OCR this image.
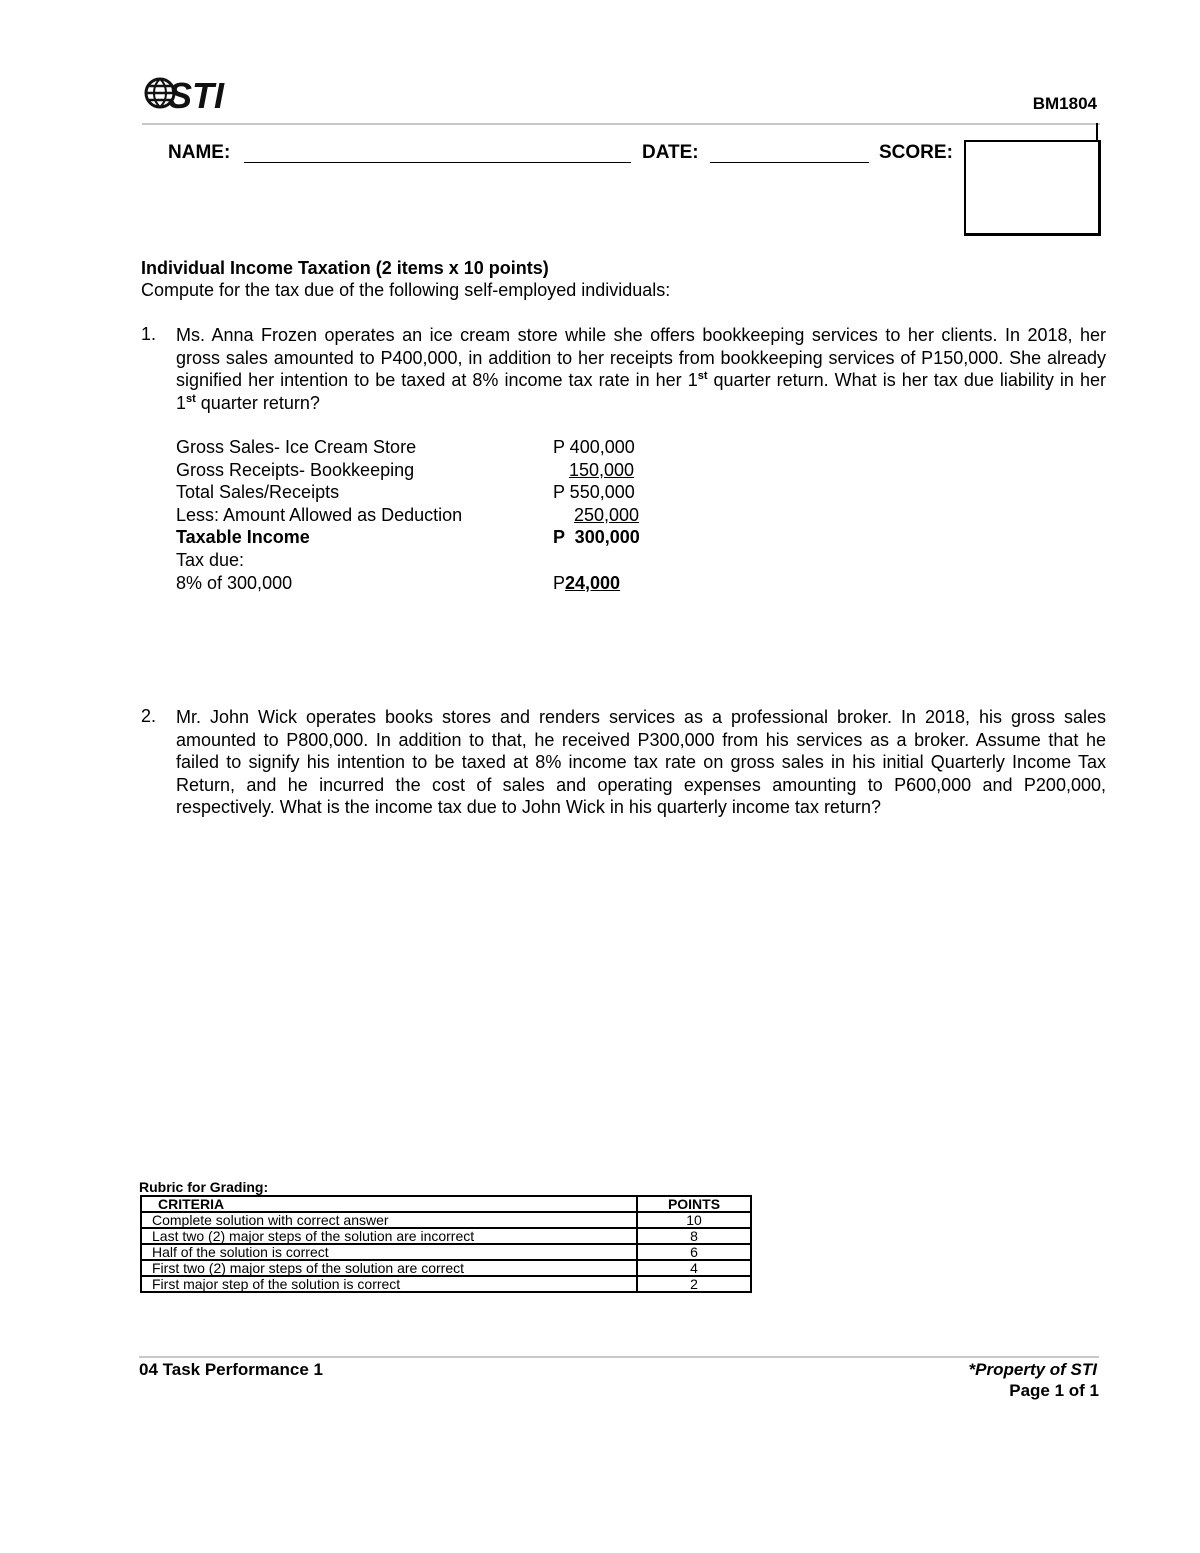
STI	BM1804
NAME:	DATE:	SCORE:
Individual Income Taxation (2 items x 10 points)
Compute for the tax due of the following self-employed individuals:
1. Ms. Anna Frozen operates an ice cream store while she offers bookkeeping services to her clients. In 2018, her gross sales amounted to P400,000, in addition to her receipts from bookkeeping services of P150,000. She already signified her intention to be taxed at 8% income tax rate in her 1st quarter return. What is her tax due liability in her 1st quarter return?
Gross Sales- Ice Cream Store	P 400,000
Gross Receipts- Bookkeeping	150,000
Total Sales/Receipts	P 550,000
Less: Amount Allowed as Deduction	250,000
Taxable Income	P  300,000
Tax due:
8% of 300,000	P 24,000
2. Mr. John Wick operates books stores and renders services as a professional broker. In 2018, his gross sales amounted to P800,000. In addition to that, he received P300,000 from his services as a broker. Assume that he failed to signify his intention to be taxed at 8% income tax rate on gross sales in his initial Quarterly Income Tax Return, and he incurred the cost of sales and operating expenses amounting to P600,000 and P200,000, respectively. What is the income tax due to John Wick in his quarterly income tax return?
Rubric for Grading:
CRITERIA	POINTS
Complete solution with correct answer	10
Last two (2) major steps of the solution are incorrect	8
Half of the solution is correct	6
First two (2) major steps of the solution are correct	4
First major step of the solution is correct	2
04 Task Performance 1	*Property of STI
Page 1 of 1
